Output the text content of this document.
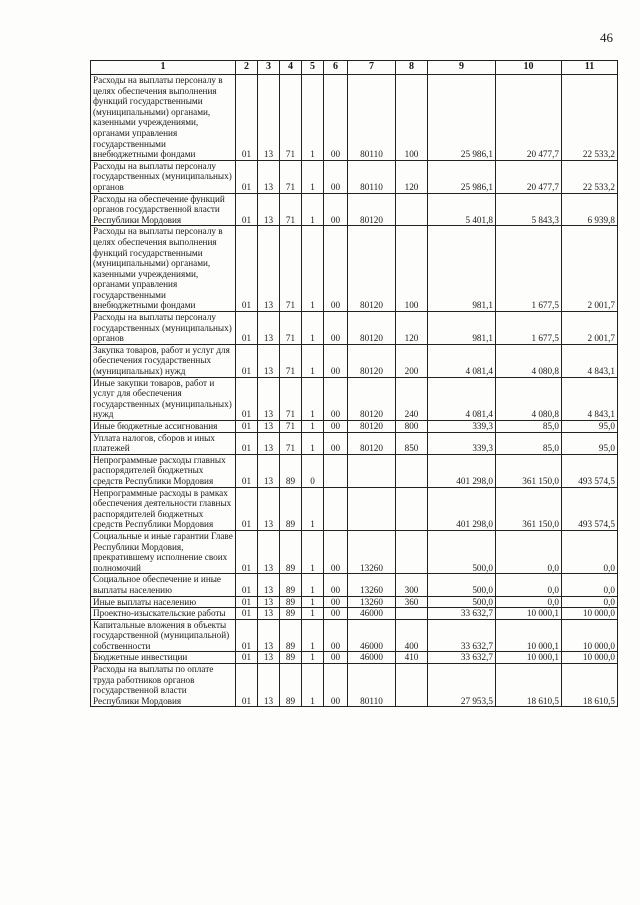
46
1	2	3	4	5	6	7	8	9	10	11
Расходы на выплаты персоналу в целях обеспечения выполнения функций государственными (муниципальными) органами, казенными учреждениями, органами управления государственными внебюджетными фондами	01	13	71	1	00	80110	100	25 986,1	20 477,7	22 533,2
Расходы на выплаты персоналу государственных (муниципальных) органов	01	13	71	1	00	80110	120	25 986,1	20 477,7	22 533,2
Расходы на обеспечение функций органов государственной власти Республики Мордовия	01	13	71	1	00	80120		5 401,8	5 843,3	6 939,8
Расходы на выплаты персоналу в целях обеспечения выполнения функций государственными (муниципальными) органами, казенными учреждениями, органами управления государственными внебюджетными фондами	01	13	71	1	00	80120	100	981,1	1 677,5	2 001,7
Расходы на выплаты персоналу государственных (муниципальных) органов	01	13	71	1	00	80120	120	981,1	1 677,5	2 001,7
Закупка товаров, работ и услуг для обеспечения государственных (муниципальных) нужд	01	13	71	1	00	80120	200	4 081,4	4 080,8	4 843,1
Иные закупки товаров, работ и услуг для обеспечения государственных (муниципальных) нужд	01	13	71	1	00	80120	240	4 081,4	4 080,8	4 843,1
Иные бюджетные ассигнования	01	13	71	1	00	80120	800	339,3	85,0	95,0
Уплата налогов, сборов и иных платежей	01	13	71	1	00	80120	850	339,3	85,0	95,0
Непрограммные расходы главных распорядителей бюджетных средств Республики Мордовия	01	13	89	0				401 298,0	361 150,0	493 574,5
Непрограммные расходы в рамках обеспечения деятельности главных распорядителей бюджетных средств Республики Мордовия	01	13	89	1				401 298,0	361 150,0	493 574,5
Социальные и иные гарантии Главе Республики Мордовия, прекратившему исполнение своих полномочий	01	13	89	1	00	13260		500,0	0,0	0,0
Социальное обеспечение и иные выплаты населению	01	13	89	1	00	13260	300	500,0	0,0	0,0
Иные выплаты населению	01	13	89	1	00	13260	360	500,0	0,0	0,0
Проектно-изыскательские работы	01	13	89	1	00	46000		33 632,7	10 000,1	10 000,0
Капитальные вложения в объекты государственной (муниципальной) собственности	01	13	89	1	00	46000	400	33 632,7	10 000,1	10 000,0
Бюджетные инвестиции	01	13	89	1	00	46000	410	33 632,7	10 000,1	10 000,0
Расходы на выплаты по оплате труда работников органов государственной власти Республики Мордовия	01	13	89	1	00	80110		27 953,5	18 610,5	18 610,5
